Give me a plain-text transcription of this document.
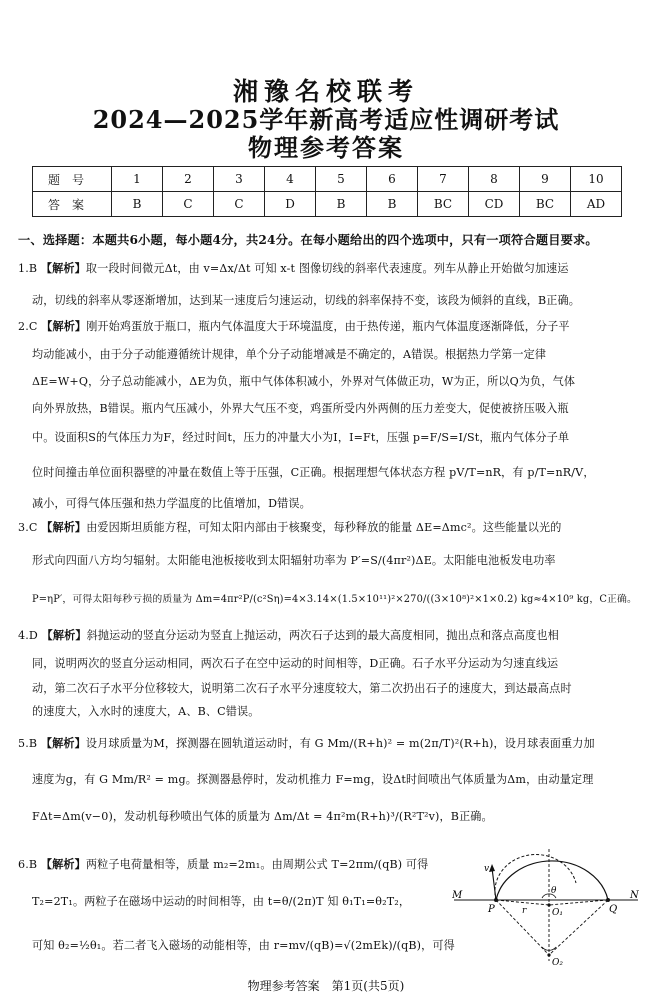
湘豫名校联考
2024—2025学年新高考适应性调研考试
物理参考答案
题号	1	2	3	4	5	6	7	8	9	10
答案	B	C	C	D	B	B	BC	CD	BC	AD
一、选择题：本题共6小题，每小题4分，共24分。在每小题给出的四个选项中，只有一项符合题目要求。
1.B 【解析】取一段时间微元Δt，由 v=Δx/Δt 可知 x-t 图像切线的斜率代表速度。列车从静止开始做匀加速运
动，切线的斜率从零逐渐增加，达到某一速度后匀速运动，切线的斜率保持不变，该段为倾斜的直线，B正确。
2.C 【解析】刚开始鸡蛋放于瓶口，瓶内气体温度大于环境温度，由于热传递，瓶内气体温度逐渐降低，分子平
均动能减小，由于分子动能遵循统计规律，单个分子动能增减是不确定的，A错误。根据热力学第一定律
ΔE=W+Q，分子总动能减小，ΔE为负，瓶中气体体积减小，外界对气体做正功，W为正，所以Q为负，气体
向外界放热，B错误。瓶内气压减小，外界大气压不变，鸡蛋所受内外两侧的压力差变大，促使被挤压吸入瓶
中。设面积S的气体压力为F，经过时间t，压力的冲量大小为I，I=Ft，压强 p=F/S=I/St，瓶内气体分子单
位时间撞击单位面积器壁的冲量在数值上等于压强，C正确。根据理想气体状态方程 pV/T=nR，有 p/T=nR/V，
减小，可得气体压强和热力学温度的比值增加，D错误。
3.C 【解析】由爱因斯坦质能方程，可知太阳内部由于核聚变，每秒释放的能量 ΔE=Δmc²。这些能量以光的
形式向四面八方均匀辐射。太阳能电池板接收到太阳辐射功率为 P′=S/(4πr²)ΔE。太阳能电池板发电功率
P=ηP′，可得太阳每秒亏损的质量为 Δm=4πr²P/(c²Sη)=4×3.14×(1.5×10¹¹)²×270/((3×10⁸)²×1×0.2) kg≈4×10⁹ kg，C正确。
4.D 【解析】斜抛运动的竖直分运动为竖直上抛运动，两次石子达到的最大高度相同，抛出点和落点高度也相
同，说明两次的竖直分运动相同，两次石子在空中运动的时间相等，D正确。石子水平分运动为匀速直线运
动，第二次石子水平分位移较大，说明第二次石子水平分速度较大，第二次扔出石子的速度大，到达最高点时
的速度大，入水时的速度大，A、B、C错误。
5.B 【解析】设月球质量为M，探测器在圆轨道运动时，有 G Mm/(R+h)² = m(2π/T)²(R+h)，设月球表面重力加
速度为g，有 G Mm/R² = mg。探测器悬停时，发动机推力 F=mg，设Δt时间喷出气体质量为Δm，由动量定理
FΔt=Δm(v−0)，发动机每秒喷出气体的质量为 Δm/Δt = 4π²m(R+h)³/(R²T²v)，B正确。
6.B 【解析】两粒子电荷量相等，质量 m₂=2m₁。由周期公式 T=2πm/(qB) 可得
T₂=2T₁。两粒子在磁场中运动的时间相等，由 t=θ/(2π)T 知 θ₁T₁=θ₂T₂，
可知 θ₂=½θ₁。若二者飞入磁场的动能相等，由 r=mv/(qB)=√(2mEk)/(qB)，可得
M	N
P	Q
O₁
O₂
v
θ
r
物理参考答案　第1页(共5页)
